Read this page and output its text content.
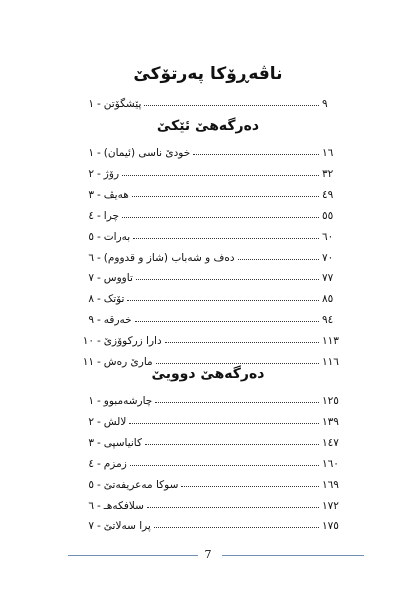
ناڤەڕۆکا پەرتۆکێ
١ - پێشگۆتن	٩
دەرگەهێ ئێکێ
١ - خودێ ناسی (ئیمان)	١٦
٢ - رۆژ	٣٢
٣ - هەیڤ	٤٩
٤ - چرا	٥٥
٥ - بەرات	٦٠
٦ - دەف و شەباب (شاز و قدووم)	٧٠
٧ - تاووس	٧٧
٨ - تۆتک	٨٥
٩ - خەرقە	٩٤
١٠ - دارا زرکوۆزێ	١١٣
١١ - مارێ رەش	١١٦
دەرگەهێ دوویێ
١ - چارشەمبوو	١٢٥
٢ - لالش	١٣٩
٣ - کانیاسپی	١٤٧
٤ - زمزم	١٦٠
٥ - سوکا مەعریفەتێ	١٦٩
٦ - سلافکەهـ	١٧٢
٧ - پرا سەلاتێ	١٧٥
7
